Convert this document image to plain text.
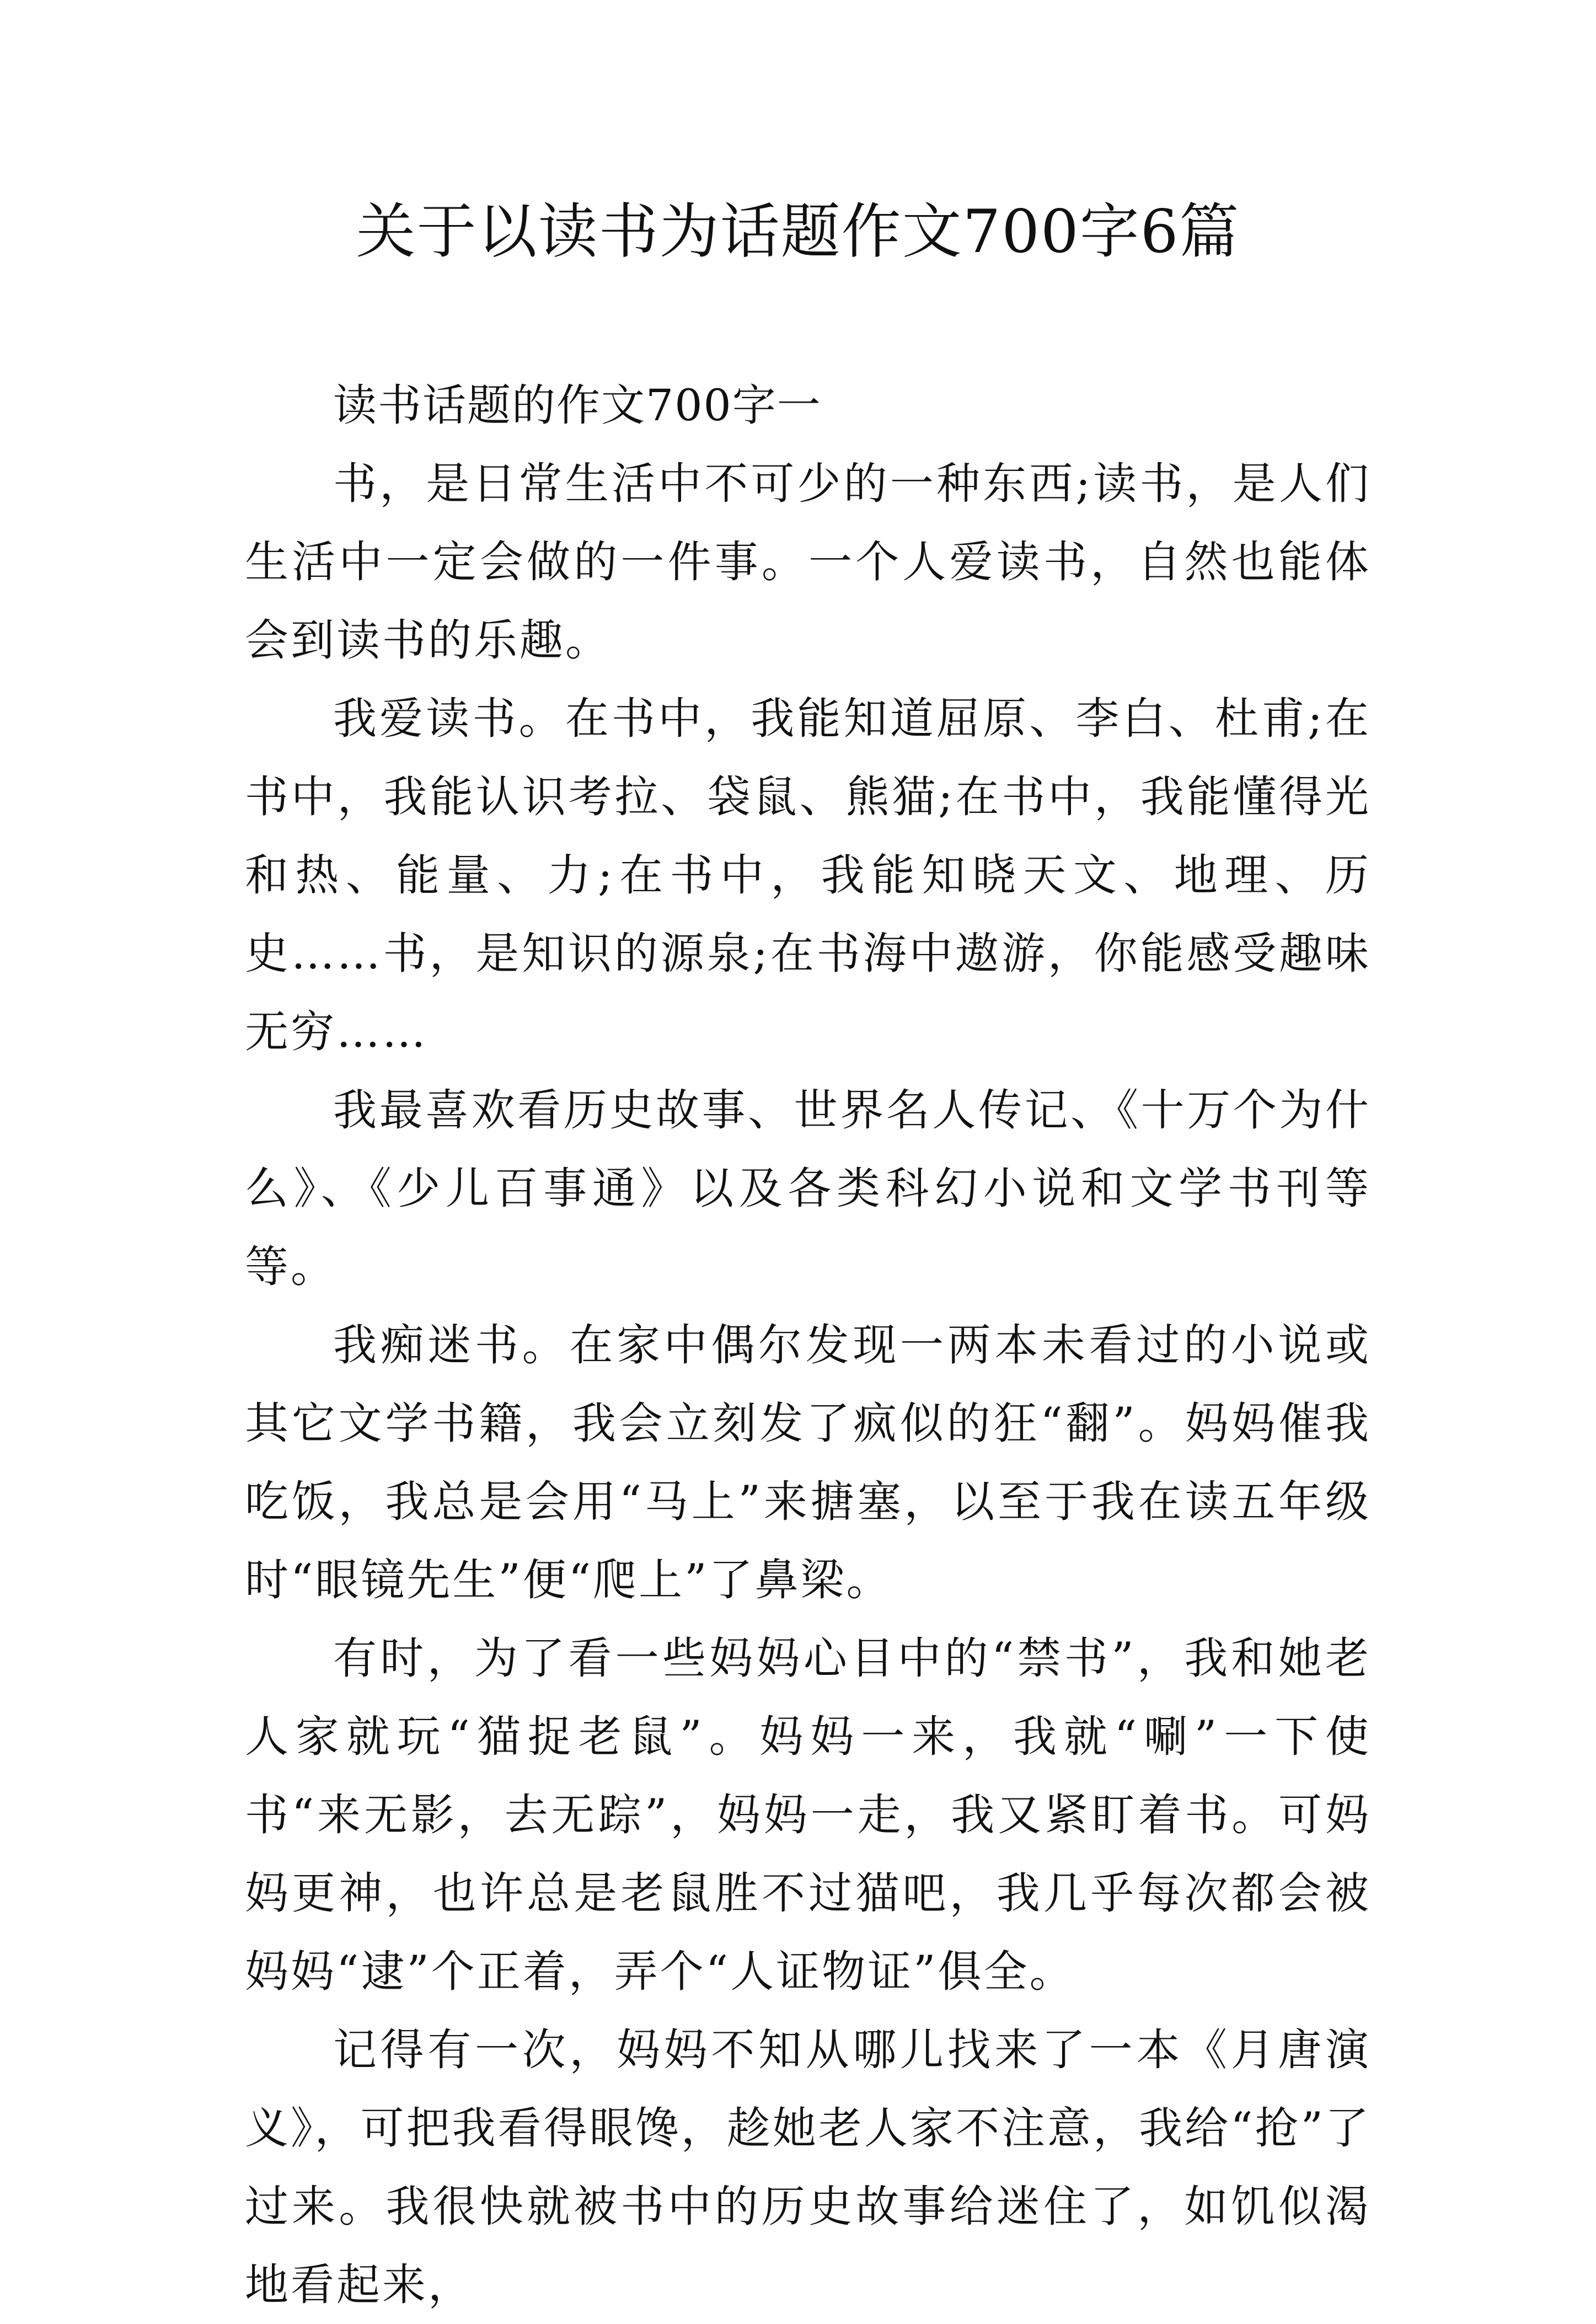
关于以读书为话题作文700字6篇

读书话题的作文700字一

书，是日常生活中不可少的一种东西;读书，是人们生活中一定会做的一件事。一个人爱读书，自然也能体会到读书的乐趣。

我爱读书。在书中，我能知道屈原、李白、杜甫;在书中，我能认识考拉、袋鼠、熊猫;在书中，我能懂得光和热、能量、力;在书中，我能知晓天文、地理、历史……书，是知识的源泉;在书海中遨游，你能感受趣味无穷……

我最喜欢看历史故事、世界名人传记、《十万个为什么》、《少儿百事通》以及各类科幻小说和文学书刊等等。

我痴迷书。在家中偶尔发现一两本未看过的小说或其它文学书籍，我会立刻发了疯似的狂“翻”。妈妈催我吃饭，我总是会用“马上”来搪塞，以至于我在读五年级时“眼镜先生”便“爬上”了鼻梁。

有时，为了看一些妈妈心目中的“禁书”，我和她老人家就玩“猫捉老鼠”。妈妈一来，我就“唰”一下使书“来无影，去无踪”，妈妈一走，我又紧盯着书。可妈妈更神，也许总是老鼠胜不过猫吧，我几乎每次都会被妈妈“逮”个正着，弄个“人证物证”俱全。

记得有一次，妈妈不知从哪儿找来了一本《月唐演义》，可把我看得眼馋，趁她老人家不注意，我给“抢”了过来。我很快就被书中的历史故事给迷住了，如饥似渴地看起来，
